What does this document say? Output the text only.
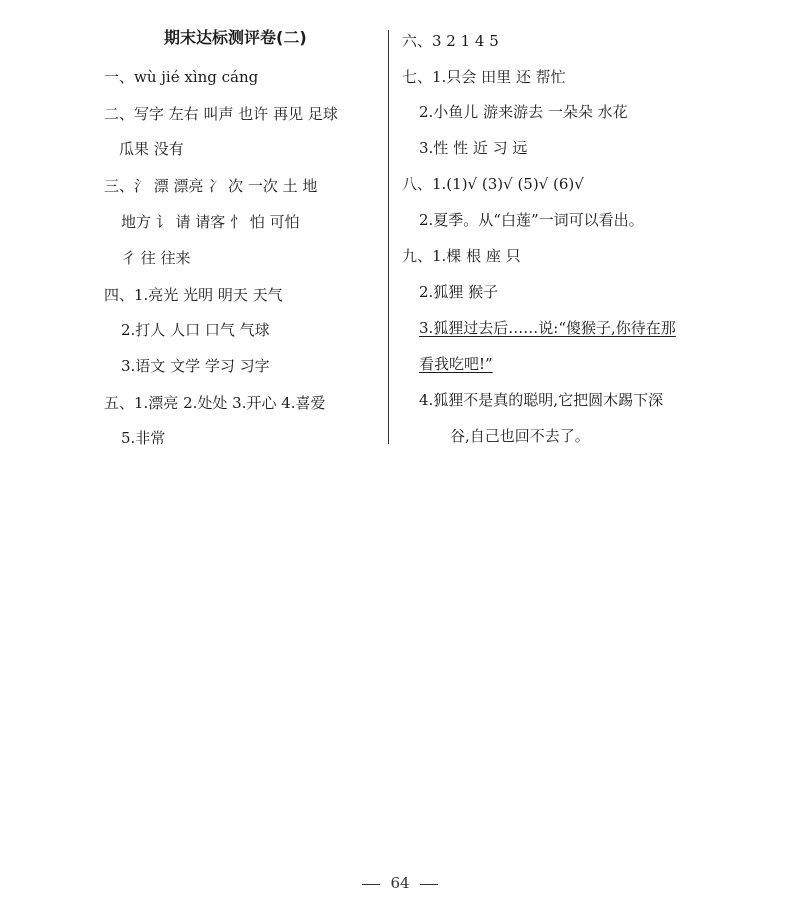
期末达标测评卷(二)
一、wù jié xìng cáng
二、写字 左右 叫声 也许 再见 足球
瓜果 没有
三、氵 漂 漂亮 冫 次 一次 土 地
地方 讠 请 请客 忄 怕 可怕
彳 往 往来
四、1.亮光 光明 明天 天气
2.打人 人口 口气 气球
3.语文 文学 学习 习字
五、1.漂亮 2.处处 3.开心 4.喜爱
5.非常
六、3 2 1 4 5
七、1.只会 田里 还 帮忙
2.小鱼儿 游来游去 一朵朵 水花
3.性 性 近 习 远
八、1.(1)√ (3)√ (5)√ (6)√
2.夏季。从“白莲”一词可以看出。
九、1.棵 根 座 只
2.狐狸 猴子
3.狐狸过去后……说:“傻猴子,你待在那
看我吃吧!”
4.狐狸不是真的聪明,它把圆木踢下深
谷,自己也回不去了。
64
